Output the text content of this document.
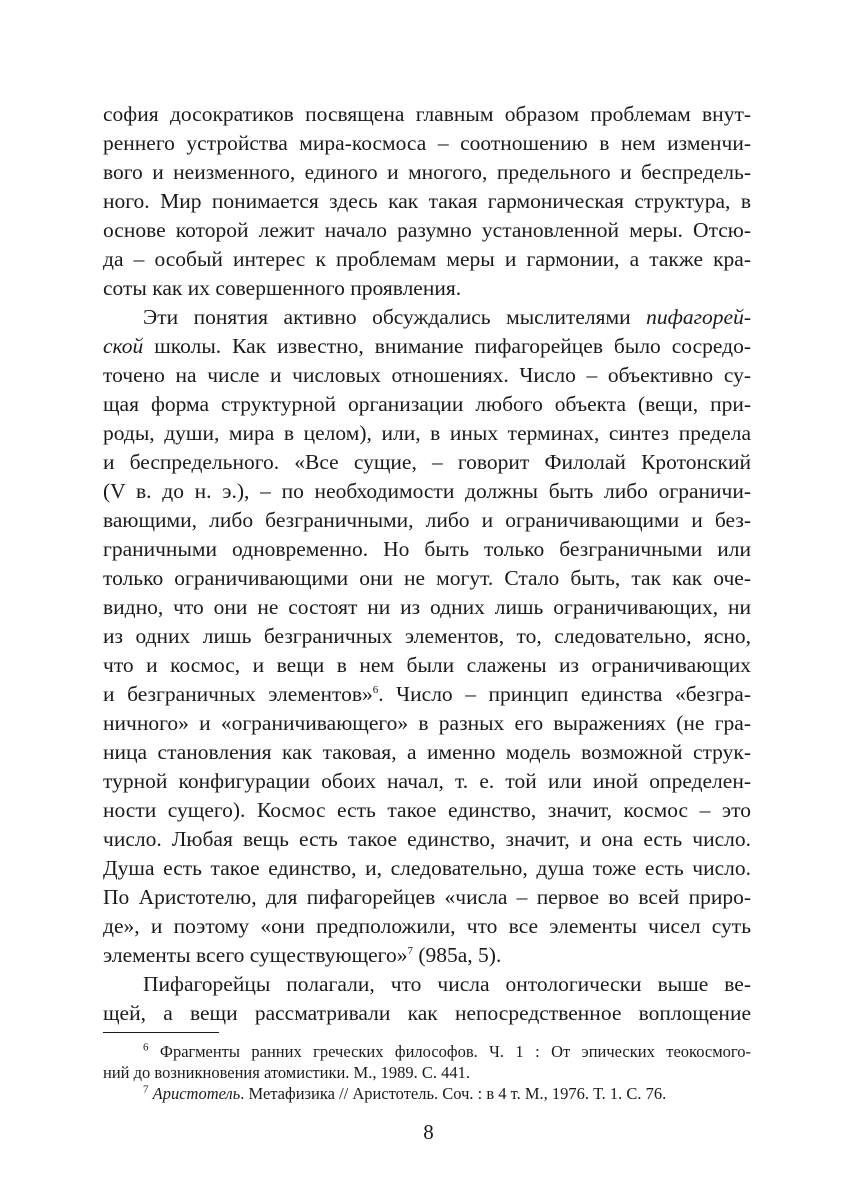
софия досократиков посвящена главным образом проблемам внут-
реннего устройства мира-космоса – соотношению в нем изменчи-
вого и неизменного, единого и многого, предельного и беспредель-
ного. Мир понимается здесь как такая гармоническая структура, в
основе которой лежит начало разумно установленной меры. Отсю-
да – особый интерес к проблемам меры и гармонии, а также кра-
соты как их совершенного проявления.
Эти понятия активно обсуждались мыслителями пифагорей-
ской школы. Как известно, внимание пифагорейцев было сосредо-
точено на числе и числовых отношениях. Число – объективно су-
щая форма структурной организации любого объекта (вещи, при-
роды, души, мира в целом), или, в иных терминах, синтез предела
и беспредельного. «Все сущие, – говорит Филолай Кротонский
(V в. до н. э.), – по необходимости должны быть либо ограничи-
вающими, либо безграничными, либо и ограничивающими и без-
граничными одновременно. Но быть только безграничными или
только ограничивающими они не могут. Стало быть, так как оче-
видно, что они не состоят ни из одних лишь ограничивающих, ни
из одних лишь безграничных элементов, то, следовательно, ясно,
что и космос, и вещи в нем были слажены из ограничивающих
и безграничных элементов»$^6$. Число – принцип единства «безгра-
ничного» и «ограничивающего» в разных его выражениях (не гра-
ница становления как таковая, а именно модель возможной струк-
турной конфигурации обоих начал, т. е. той или иной определен-
ности сущего). Космос есть такое единство, значит, космос – это
число. Любая вещь есть такое единство, значит, и она есть число.
Душа есть такое единство, и, следовательно, душа тоже есть число.
По Аристотелю, для пифагорейцев «числа – первое во всей приро-
де», и поэтому «они предположили, что все элементы чисел суть
элементы всего существующего»$^7$ (985a, 5).
Пифагорейцы полагали, что числа онтологически выше ве-
щей, а вещи рассматривали как непосредственное воплощение
$^6$ Фрагменты ранних греческих философов. Ч. 1 : От эпических теокосмого-
ний до возникновения атомистики. М., 1989. С. 441.
$^7$ Аристотель. Метафизика // Аристотель. Соч. : в 4 т. М., 1976. Т. 1. С. 76.
8
